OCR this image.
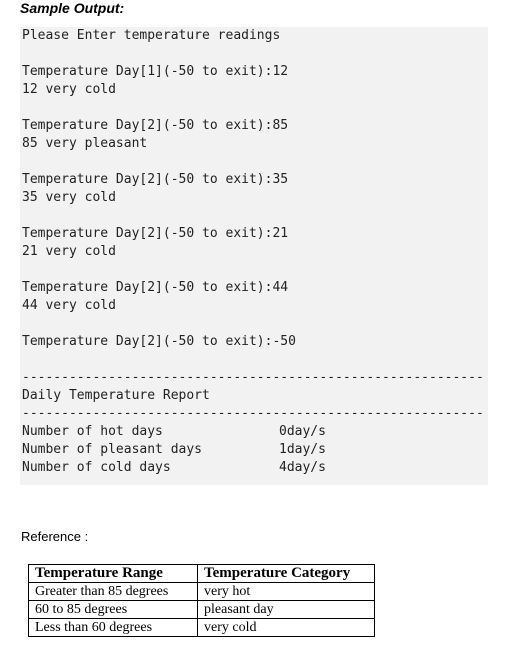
Sample Output:
Please Enter temperature readings
Temperature Day[1](-50 to exit):12
12 very cold
Temperature Day[2](-50 to exit):85
85 very pleasant
Temperature Day[2](-50 to exit):35
35 very cold
Temperature Day[2](-50 to exit):21
21 very cold
Temperature Day[2](-50 to exit):44
44 very cold
Temperature Day[2](-50 to exit):-50
-----------------------------------------------------------
Daily Temperature Report
-----------------------------------------------------------
Number of hot days	0day/s
Number of pleasant days	1day/s
Number of cold days	4day/s
Reference :
Temperature Range	Temperature Category
Greater than 85 degrees	very hot
60 to 85 degrees	pleasant day
Less than 60 degrees	very cold
